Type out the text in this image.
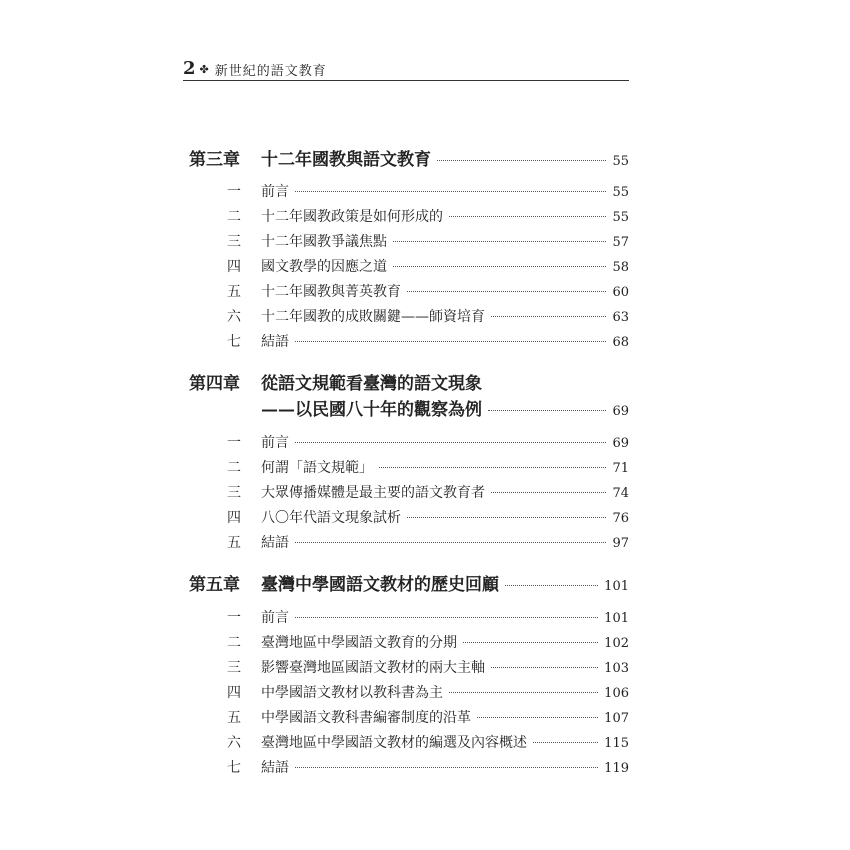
2 ✤ 新世紀的語文教育
第三章	十二年國教與語文教育	55
一	前言	55
二	十二年國教政策是如何形成的	55
三	十二年國教爭議焦點	57
四	國文教學的因應之道	58
五	十二年國教與菁英教育	60
六	十二年國教的成敗關鍵——師資培育	63
七	結語	68
第四章	從語文規範看臺灣的語文現象
——以民國八十年的觀察為例	69
一	前言	69
二	何謂「語文規範」	71
三	大眾傳播媒體是最主要的語文教育者	74
四	八〇年代語文現象試析	76
五	結語	97
第五章	臺灣中學國語文教材的歷史回顧	101
一	前言	101
二	臺灣地區中學國語文教育的分期	102
三	影響臺灣地區國語文教材的兩大主軸	103
四	中學國語文教材以教科書為主	106
五	中學國語文教科書編審制度的沿革	107
六	臺灣地區中學國語文教材的編選及內容概述	115
七	結語	119
